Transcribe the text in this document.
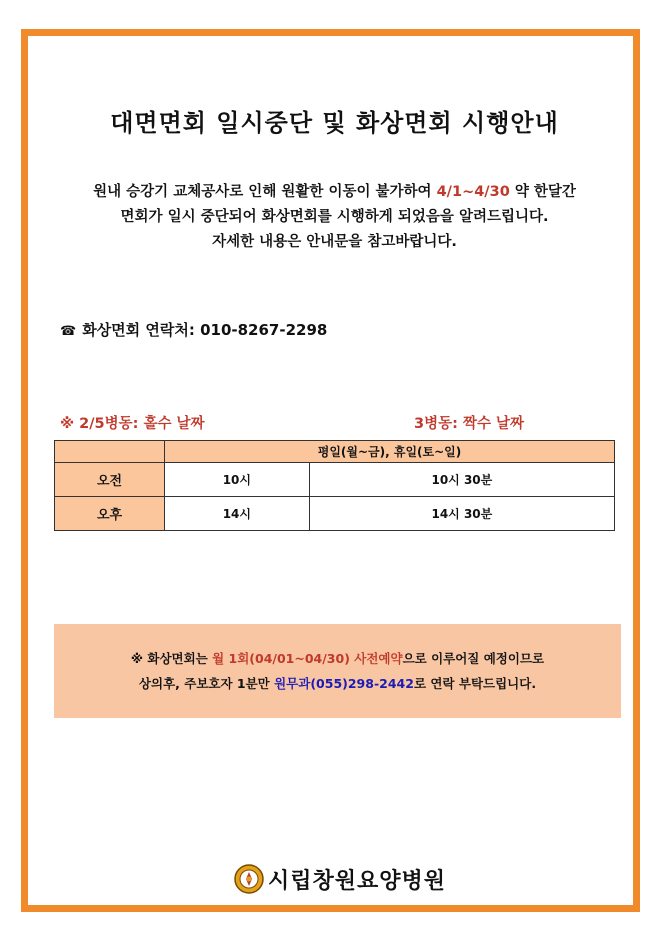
대면면회 일시중단 및 화상면회 시행안내
원내 승강기 교체공사로 인해 원활한 이동이 불가하여 4/1~4/30 약 한달간
면회가 일시 중단되어 화상면회를 시행하게 되었음을 알려드립니다.
자세한 내용은 안내문을 참고바랍니다.
☎ 화상면회 연락처: 010-8267-2298
※ 2/5병동: 홀수 날짜	3병동: 짝수 날짜
	평일(월~금), 휴일(토~일)	
오전	10시	10시 30분
오후	14시	14시 30분
※ 화상면회는 월 1회(04/01~04/30) 사전예약으로 이루어질 예정이므로
상의후, 주보호자 1분만 원무과(055)298-2442로 연락 부탁드립니다.
시립창원요양병원
